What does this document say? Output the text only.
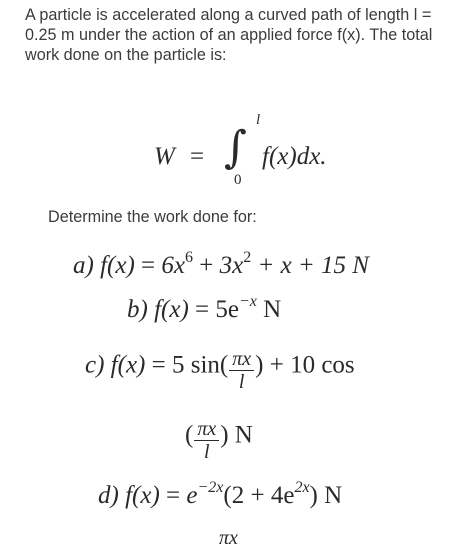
A particle is accelerated along a curved path of length l = 0.25 m under the action of an applied force f(x). The total work done on the particle is:

W = ∫
l
0
f(x)dx.
Determine the work done for:
a) $f(x) = 6x^6 + 3x^2 + x + 15$ N
b) $f(x) = 5e^{-x}$ N
c) f(x) = 5 $\sin( \frac{\pi x}{l}$ ) + 10 cos
( $\frac{\pi x}{l}$ ) N
d) $f(x) = e^{-2x}(2 + 4e^{2x})$ N
πx
